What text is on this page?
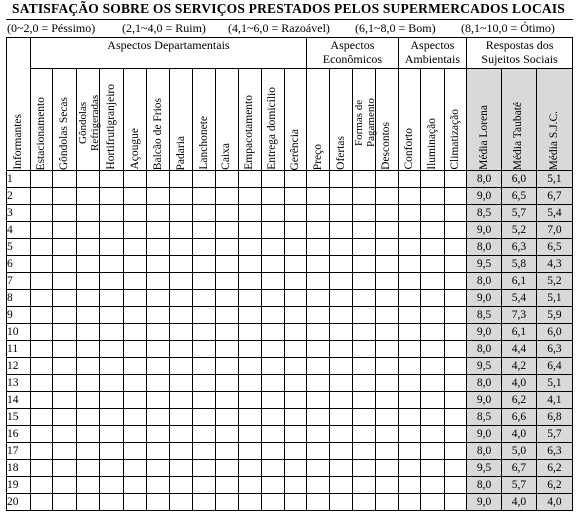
SATISFAÇÃO SOBRE OS SERVIÇOS PRESTADOS PELOS SUPERMERCADOS LOCAIS
(0~2,0 = Péssimo) (2,1~4,0 = Ruim) (4,1~6,0 = Razoável) (6,1~8,0 = Bom) (8,1~10,0 = Ótimo)
Informantes	Aspectos Departamentais												Aspectos Econômicos				Aspectos Ambientais			Respostas dos Sujeitos Sociais		

	Estacionamento	Gôndolas Secas	Gôndolas Refrigeradas	Hortifrutigranjeiro	Açougue	Balcão de Frios	Padaria	Lanchonete	Caixa	Empacotamento	Entrega domicílio	Gerência	Preço	Ofertas	Formas de Pagamento	Descontos	Conforto	Iluminação	Climatização	Média Lorena	Média Taubaté	Média S.J.C.

1																				8,0	6,0	5,1
2																				9,0	6,5	6,7
3																				8,5	5,7	5,4
4																				9,0	5,2	7,0
5																				8,0	6,3	6,5
6																				9,5	5,8	4,3
7																				8,0	6,1	5,2
8																				9,0	5,4	5,1
9																				8,5	7,3	5,9
10																				9,0	6,1	6,0
11																				8,0	4,4	6,3
12																				9,5	4,2	6,4
13																				8,0	4,0	5,1
14																				9,0	6,2	4,1
15																				8,5	6,6	6,8
16																				9,0	4,0	5,7
17																				8,0	5,0	6,3
18																				9,5	6,7	6,2
19																				8,0	5,7	6,2
20																				9,0	4,0	4,0
